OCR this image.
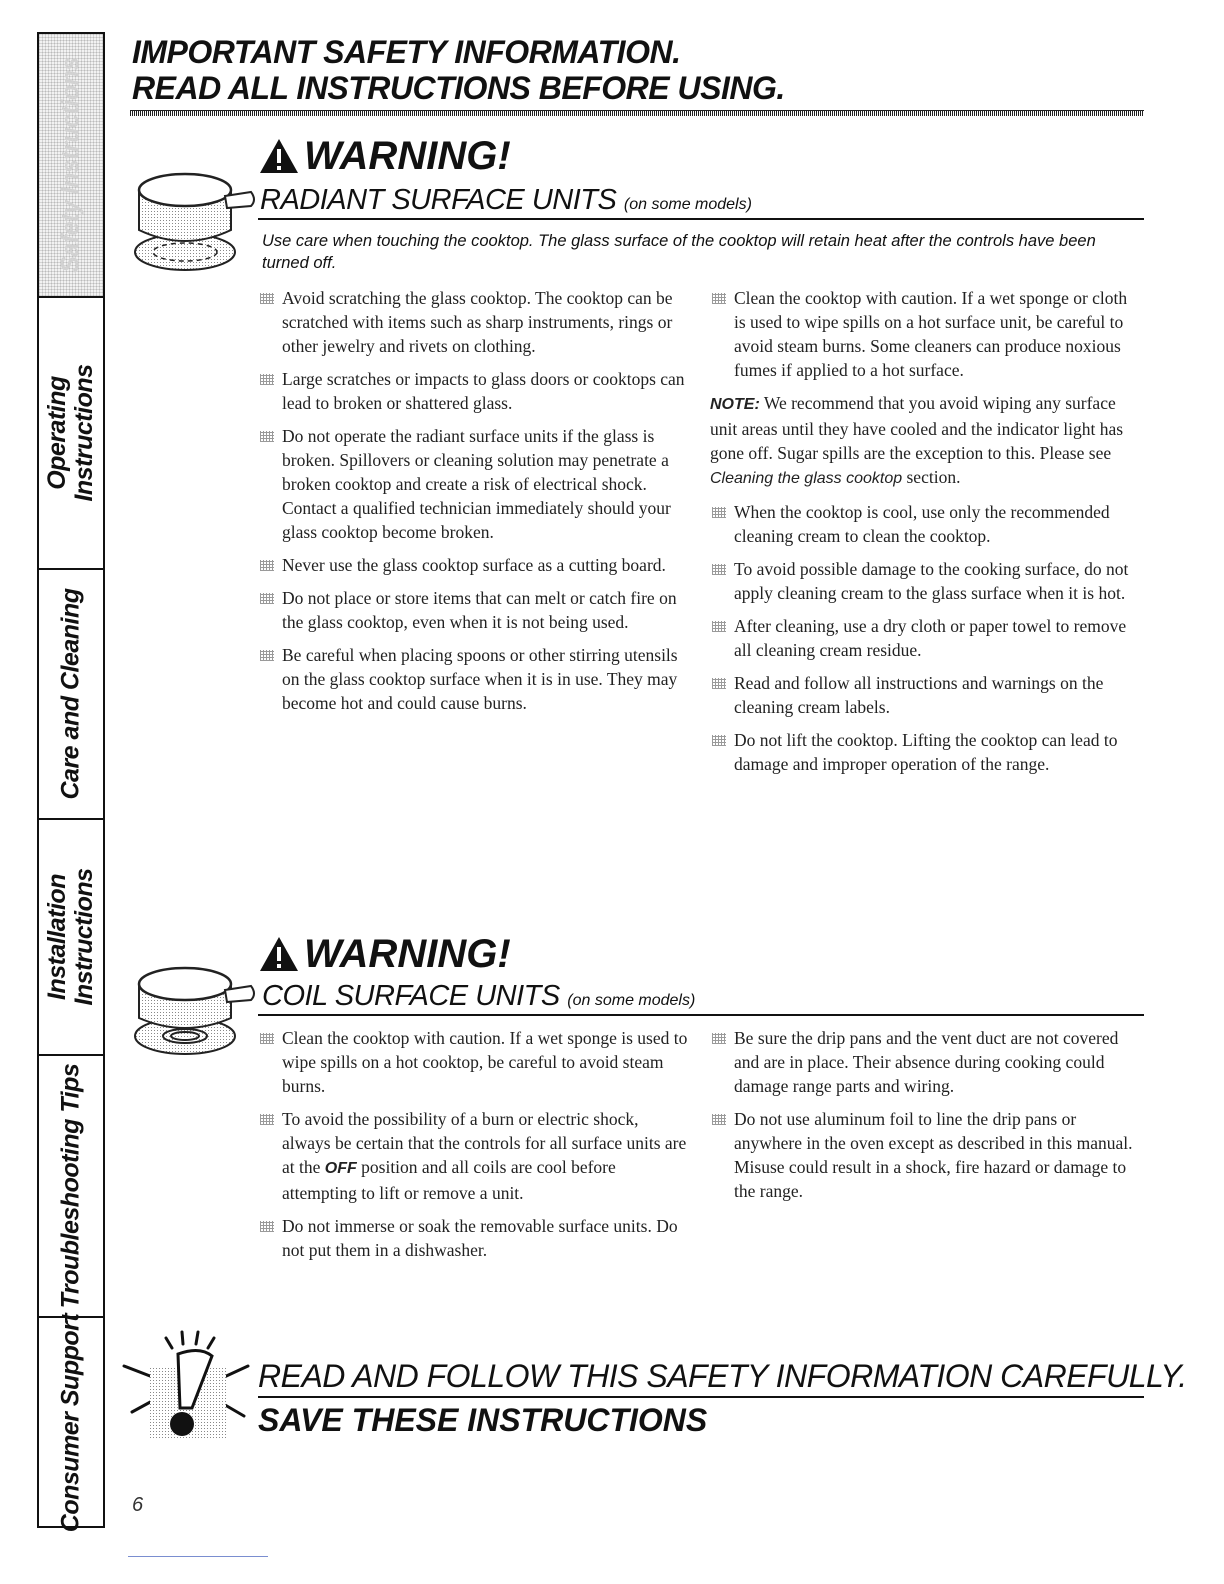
Safety Instructions
Operating
Instructions
Care and Cleaning
Installation
Instructions
Troubleshooting Tips
Consumer Support
IMPORTANT SAFETY INFORMATION.
READ ALL INSTRUCTIONS BEFORE USING.
WARNING!
RADIANT SURFACE UNITS (on some models)
Use care when touching the cooktop. The glass surface of the cooktop will retain heat after the controls have been turned off.

Avoid scratching the glass cooktop. The cooktop can be scratched with items such as sharp instruments, rings or other jewelry and rivets on clothing.

Large scratches or impacts to glass doors or cooktops can lead to broken or shattered glass.

Do not operate the radiant surface units if the glass is broken. Spillovers or cleaning solution may penetrate a broken cooktop and create a risk of electrical shock. Contact a qualified technician immediately should your glass cooktop become broken.

Never use the glass cooktop surface as a cutting board.

Do not place or store items that can melt or catch fire on the glass cooktop, even when it is not being used.

Be careful when placing spoons or other stirring utensils on the glass cooktop surface when it is in use. They may become hot and could cause burns.

Clean the cooktop with caution. If a wet sponge or cloth is used to wipe spills on a hot surface unit, be careful to avoid steam burns. Some cleaners can produce noxious fumes if applied to a hot surface.

NOTE: We recommend that you avoid wiping any surface unit areas until they have cooled and the indicator light has gone off. Sugar spills are the exception to this. Please see Cleaning the glass cooktop section.

When the cooktop is cool, use only the recommended cleaning cream to clean the cooktop.

To avoid possible damage to the cooking surface, do not apply cleaning cream to the glass surface when it is hot.

After cleaning, use a dry cloth or paper towel to remove all cleaning cream residue.

Read and follow all instructions and warnings on the cleaning cream labels.

Do not lift the cooktop. Lifting the cooktop can lead to damage and improper operation of the range.

WARNING!
COIL SURFACE UNITS (on some models)

Clean the cooktop with caution. If a wet sponge is used to wipe spills on a hot cooktop, be careful to avoid steam burns.

To avoid the possibility of a burn or electric shock, always be certain that the controls for all surface units are at the OFF position and all coils are cool before attempting to lift or remove a unit.

Do not immerse or soak the removable surface units. Do not put them in a dishwasher.

Be sure the drip pans and the vent duct are not covered and are in place. Their absence during cooking could damage range parts and wiring.

Do not use aluminum foil to line the drip pans or anywhere in the oven except as described in this manual. Misuse could result in a shock, fire hazard or damage to the range.

READ AND FOLLOW THIS SAFETY INFORMATION CAREFULLY.
SAVE THESE INSTRUCTIONS
6
